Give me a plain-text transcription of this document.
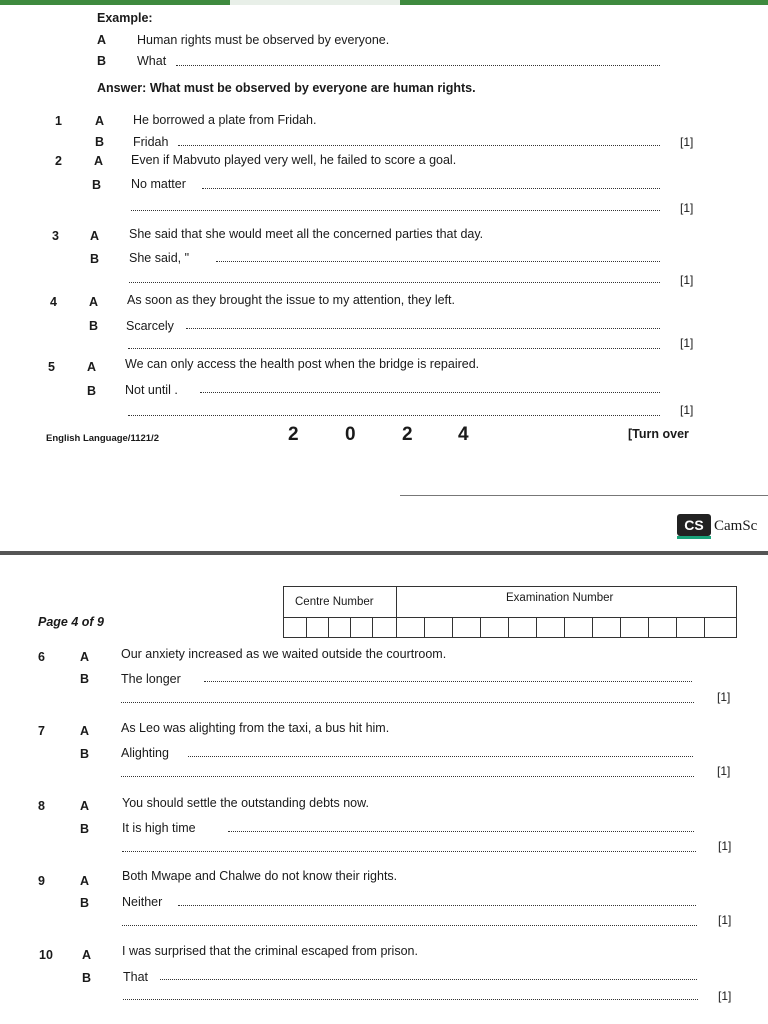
Example:
A Human rights must be observed by everyone.
B What
Answer: What must be observed by everyone are human rights.
1	A He borrowed a plate from Fridah.
B Fridah	[1]
2	A Even if Mabvuto played very well, he failed to score a goal.
B No matter
[1]
3 A She said that she would meet all the concerned parties that day.
B She said, "
[1]
4	A As soon as they brought the issue to my attention, they left.
B Scarcely
[1]
5	A We can only access the health post when the bridge is repaired.
B Not until .
[1]
English Language/1121/2	2 0 2 4	[Turn over
CS CamSc
Page 4 of 9
Centre Number	Examination Number
6	A	Our anxiety increased as we waited outside the courtroom.
B	The longer
[1]
7	A	As Leo was alighting from the taxi, a bus hit him.
B	Alighting
[1]
8	A	You should settle the outstanding debts now.
B	It is high time
[1]
9	A	Both Mwape and Chalwe do not know their rights.
B	Neither
[1]
10 A I was surprised that the criminal escaped from prison.
B	That
[1]
